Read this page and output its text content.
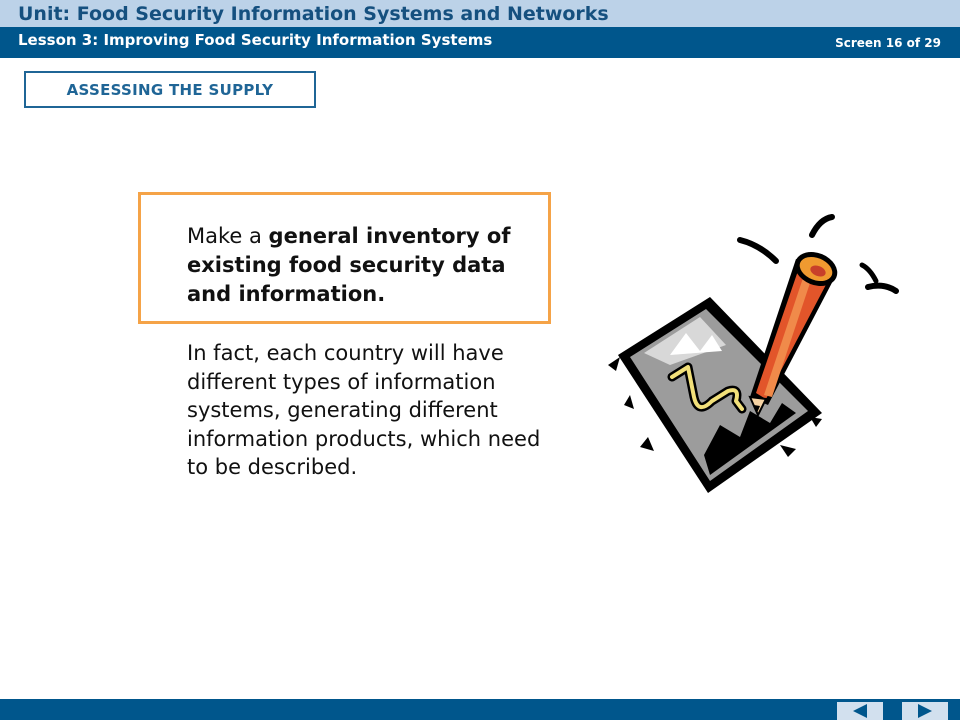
Unit: Food Security Information Systems and Networks
Lesson 3: Improving Food Security Information Systems	Screen 16 of 29
ASSESSING THE SUPPLY
Make a general inventory of existing food security data and information.
In fact, each country will have different types of information systems, generating different information products, which need to be described.
